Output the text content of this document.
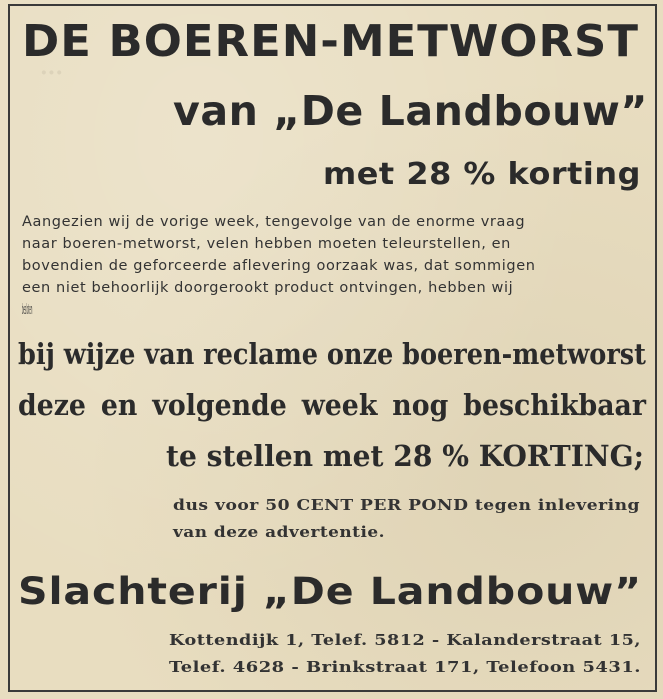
···
DE BOEREN-METWORST
van „De Landbouw”
met 28 % korting
Aangezien wij de vorige week, tengevolge van de enorme vraag
naar boeren-metworst, velen hebben moeten teleurstellen, en
bovendien de geforceerde aflevering oorzaak was, dat sommigen
een niet behoorlijk doorgerookt product ontvingen, hebben wij
besloten
bij wijze van reclame onze boeren-metworst
deze en volgende week nog beschikbaar
te stellen met 28 % KORTING;
dus voor 50 CENT PER POND tegen inlevering
van deze advertentie.
Slachterij „De Landbouw”
Kottendijk 1, Telef. 5812 - Kalanderstraat 15,
Telef. 4628 - Brinkstraat 171, Telefoon 5431.
